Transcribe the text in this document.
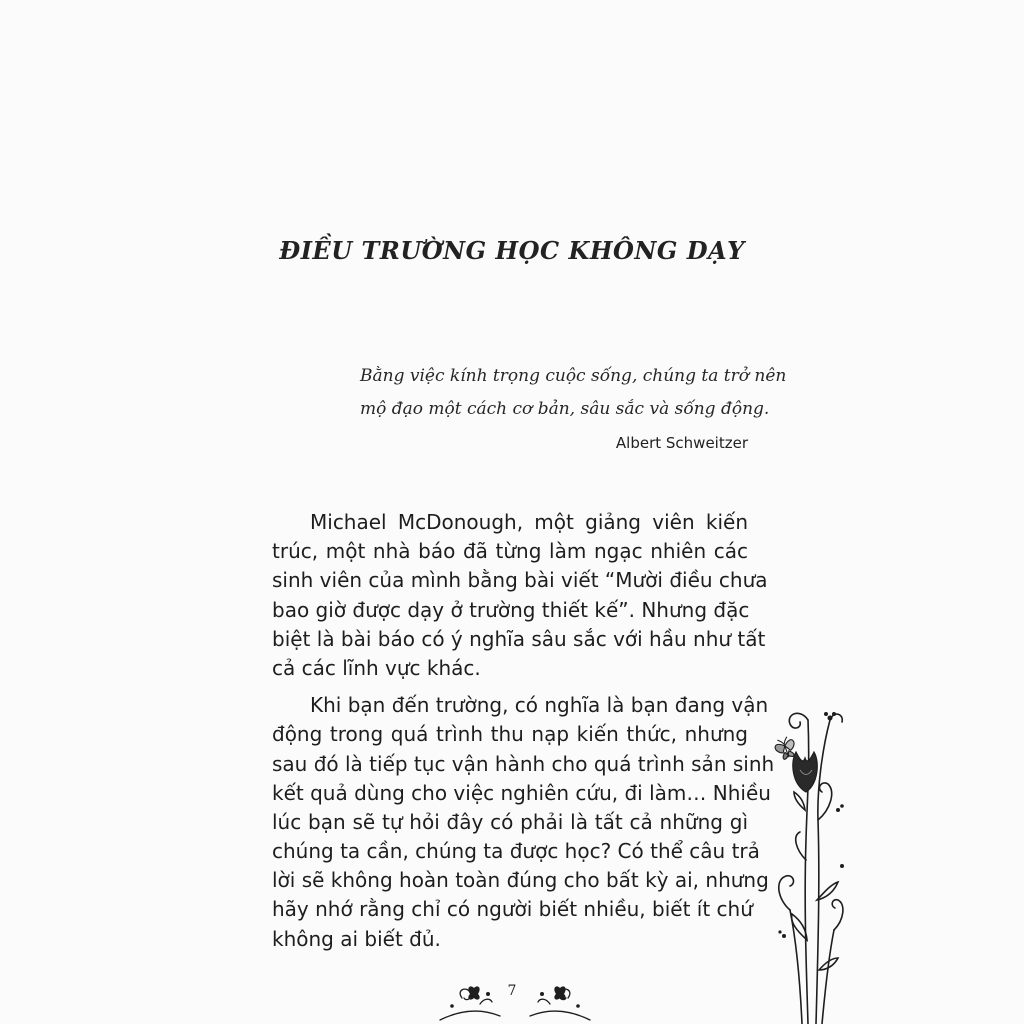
ĐIỀU TRƯỜNG HỌC KHÔNG DẠY
Bằng việc kính trọng cuộc sống, chúng ta trở nên
mộ đạo một cách cơ bản, sâu sắc và sống động.
Albert Schweitzer

Michael McDonough, một giảng viên kiến
trúc, một nhà báo đã từng làm ngạc nhiên các
sinh viên của mình bằng bài viết “Mười điều chưa
bao giờ được dạy ở trường thiết kế”. Nhưng đặc
biệt là bài báo có ý nghĩa sâu sắc với hầu như tất
cả các lĩnh vực khác.

Khi bạn đến trường, có nghĩa là bạn đang vận
động trong quá trình thu nạp kiến thức, nhưng
sau đó là tiếp tục vận hành cho quá trình sản sinh
kết quả dùng cho việc nghiên cứu, đi làm… Nhiều
lúc bạn sẽ tự hỏi đây có phải là tất cả những gì
chúng ta cần, chúng ta được học? Có thể câu trả
lời sẽ không hoàn toàn đúng cho bất kỳ ai, nhưng
hãy nhớ rằng chỉ có người biết nhiều, biết ít chứ
không ai biết đủ.

7
